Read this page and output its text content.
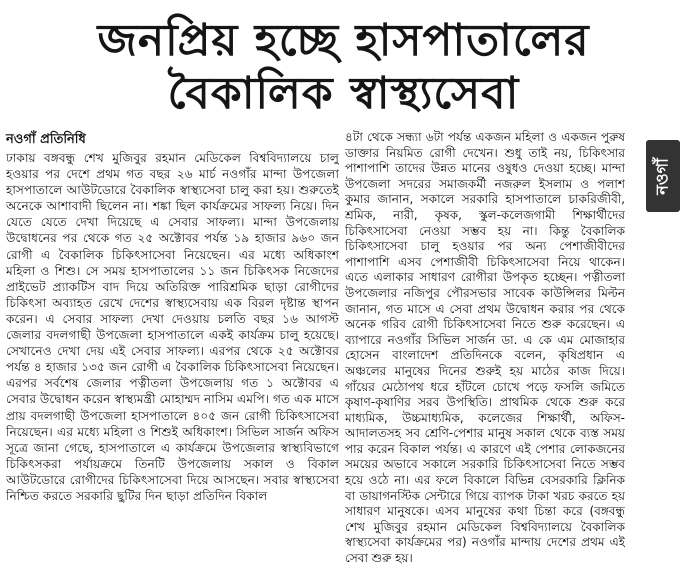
জনপ্রিয় হচ্ছে হাসপাতালের
বৈকালিক স্বাস্থ্যসেবা
নওগাঁ প্রতিনিধি

ঢাকায় বঙ্গবন্ধু শেখ মুজিবুর রহমান মেডিকেল বিশ্ববিদ্যালয়ে চালু হওয়ার পর দেশে প্রথম গত বছর ২৬ মার্চ নওগাঁর মান্দা উপজেলা হাসপাতালে আউটডোরে বৈকালিক স্বাস্থ্যসেবা চালু করা হয়। শুরুতেই অনেকে আশাবাদী ছিলেন না। শঙ্কা ছিল কার্যক্রমের সাফল্য নিয়ে। দিন যেতে যেতে দেখা দিয়েছে এ সেবার সাফল্য। মান্দা উপজেলায় উদ্বোধনের পর থেকে গত ২৫ অক্টোবর পর্যন্ত ১৯ হাজার ৯৬০ জন রোগী এ বৈকালিক চিকিৎসাসেবা নিয়েছেন। এর মধ্যে অধিকাংশ মহিলা ও শিশু। সে সময় হাসপাতালের ১১ জন চিকিৎসক নিজেদের প্রাইভেট প্র্যাকটিস বাদ দিয়ে অতিরিক্ত পারিশ্রমিক ছাড়া রোগীদের চিকিৎসা অব্যাহত রেখে দেশের স্বাস্থ্যসেবায় এক বিরল দৃষ্টান্ত স্থাপন করেন। এ সেবার সাফল্য দেখা দেওয়ায় চলতি বছর ১৬ আগস্ট জেলার বদলগাছী উপজেলা হাসপাতালে একই কার্যক্রম চালু হয়েছে। সেখানেও দেখা দেয় এই সেবার সাফল্য। এরপর থেকে ২৫ অক্টোবর পর্যন্ত ৪ হাজার ১৩৫ জন রোগী এ বৈকালিক চিকিৎসাসেবা নিয়েছেন। এরপর সর্বশেষ জেলার পত্নীতলা উপজেলায় গত ১ অক্টোবর এ সেবার উদ্বোধন করেন স্বাস্থ্যমন্ত্রী মোহাম্মদ নাসিম এমপি। গত এক মাসে প্রায় বদলগাছী উপজেলা হাসপাতালে ৪০৫ জন রোগী চিকিৎসাসেবা নিয়েছেন। এর মধ্যে মহিলা ও শিশুই অধিকাংশ। সিভিল সার্জন অফিস সূত্রে জানা গেছে, হাসপাতালে এ কার্যক্রমে উপজেলার স্বাস্থ্যবিভাগে চিকিৎসকরা পর্যায়ক্রমে তিনটি উপজেলায় সকাল ও বিকাল আউটডোরে রোগীদের চিকিৎসাসেবা দিয়ে আসছেন। সবার স্বাস্থ্যসেবা নিশ্চিত করতে সরকারি ছুটির দিন ছাড়া প্রতিদিন বিকাল

৪টা থেকে সন্ধ্যা ৬টা পর্যন্ত একজন মহিলা ও একজন পুরুষ ডাক্তার নিয়মিত রোগী দেখেন। শুধু তাই নয়, চিকিৎসার পাশাপাশি তাদের উন্নত মানের ওষুধও দেওয়া হচ্ছে। মান্দা উপজেলা সদরের সমাজকর্মী নজরুল ইসলাম ও পলাশ কুমার জানান, সকালে সরকারি হাসপাতালে চাকরিজীবী, শ্রমিক, নারী, কৃষক, স্কুল-কলেজগামী শিক্ষার্থীদের চিকিৎসাসেবা নেওয়া সম্ভব হয় না। কিন্তু বৈকালিক চিকিৎসাসেবা চালু হওয়ার পর অন্য পেশাজীবীদের পাশাপাশি এসব পেশাজীবী চিকিৎসাসেবা নিয়ে থাকেন। এতে এলাকার সাধারণ রোগীরা উপকৃত হচ্ছেন। পত্নীতলা উপজেলার নজিপুর পৌরসভার সাবেক কাউন্সিলর মিল্টন জানান, গত মাসে এ সেবা প্রথম উদ্বোধন করার পর থেকে অনেক গরিব রোগী চিকিৎসাসেবা নিতে শুরু করেছেন। এ ব্যাপারে নওগাঁর সিভিল সার্জন ডা. এ কে এম মোজাহার হোসেন বাংলাদেশ প্রতিদিনকে বলেন, কৃষিপ্রধান এ অঞ্চলের মানুষের দিনের শুরুই হয় মাঠের কাজ দিয়ে। গাঁয়ের মেঠোপথ ধরে হাঁটলে চোখে পড়ে ফসলি জমিতে কৃষাণ-কৃষাণির সরব উপস্থিতি। প্রাথমিক থেকে শুরু করে মাধ্যমিক, উচ্চমাধ্যমিক, কলেজের শিক্ষার্থী, অফিস-আদালতসহ সব শ্রেণি-পেশার মানুষ সকাল থেকে ব্যস্ত সময় পার করেন বিকাল পর্যন্ত। এ কারণে এই পেশার লোকজনের সময়ের অভাবে সকালে সরকারি চিকিৎসাসেবা নিতে সম্ভব হয়ে ওঠে না। এর ফলে বিকালে বিভিন্ন বেসরকারি ক্লিনিক বা ডায়াগনস্টিক সেন্টারে গিয়ে ব্যাপক টাকা খরচ করতে হয় সাধারণ মানুষকে। এসব মানুষের কথা চিন্তা করে (বঙ্গবন্ধু শেখ মুজিবুর রহমান মেডিকেল বিশ্ববিদ্যালয়ে বৈকালিক স্বাস্থ্যসেবা কার্যক্রমের পর) নওগাঁর মান্দায় দেশের প্রথম এই সেবা শুরু হয়।

নওগাঁ
